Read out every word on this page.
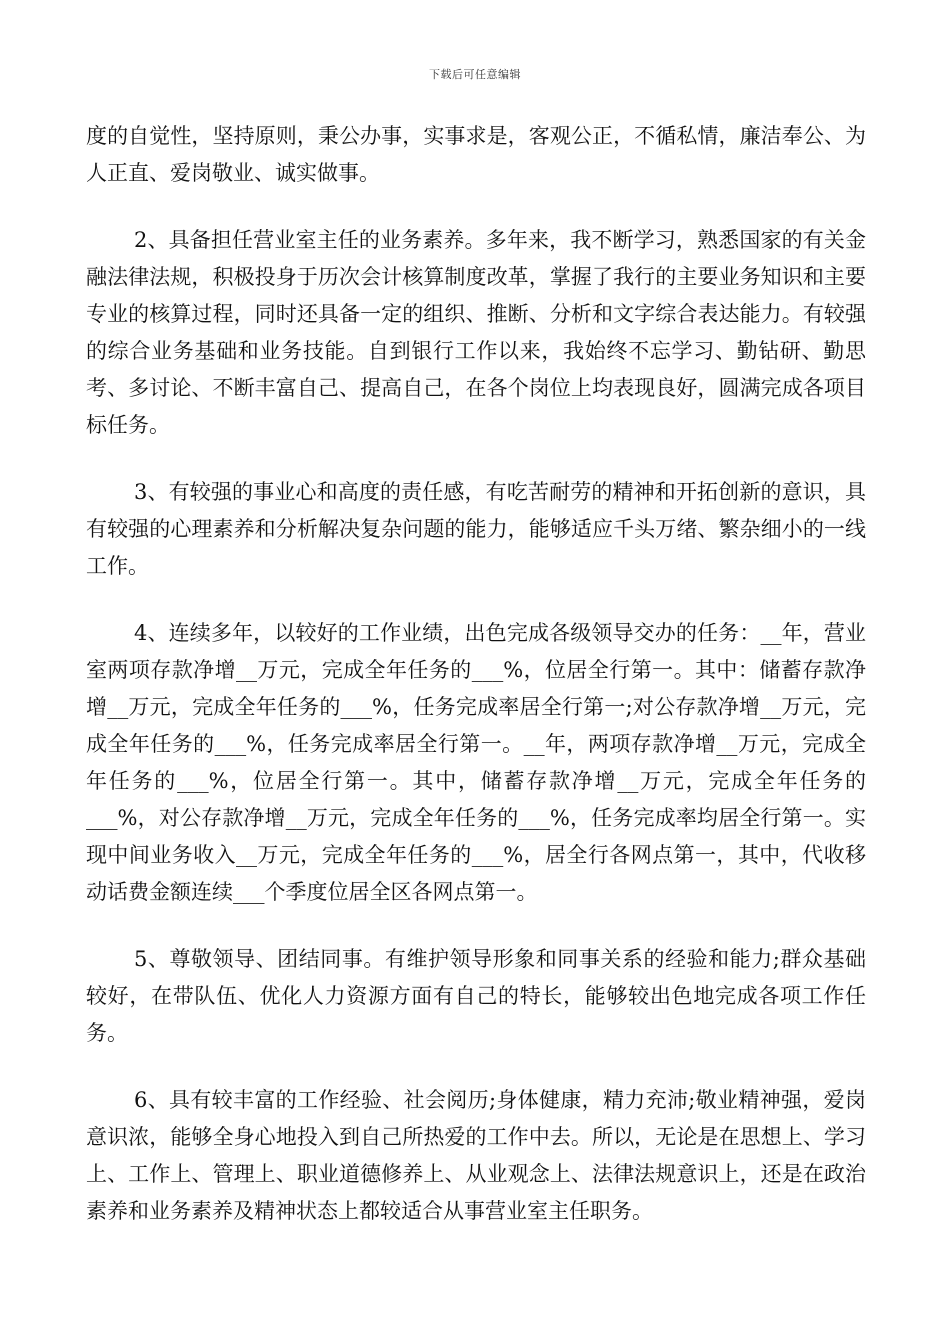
下载后可任意编辑

度的自觉性，坚持原则，秉公办事，实事求是，客观公正，不循私情，廉洁奉公、为人正直、爱岗敬业、诚实做事。

2、具备担任营业室主任的业务素养。多年来，我不断学习，熟悉国家的有关金融法律法规，积极投身于历次会计核算制度改革，掌握了我行的主要业务知识和主要专业的核算过程，同时还具备一定的组织、推断、分析和文字综合表达能力。有较强的综合业务基础和业务技能。自到银行工作以来，我始终不忘学习、勤钻研、勤思考、多讨论、不断丰富自己、提高自己，在各个岗位上均表现良好，圆满完成各项目标任务。

3、有较强的事业心和高度的责任感，有吃苦耐劳的精神和开拓创新的意识，具有较强的心理素养和分析解决复杂问题的能力，能够适应千头万绪、繁杂细小的一线工作。

4、连续多年，以较好的工作业绩，出色完成各级领导交办的任务：__年，营业室两项存款净增__万元，完成全年任务的___%，位居全行第一。其中：储蓄存款净增__万元，完成全年任务的___%，任务完成率居全行第一;对公存款净增__万元，完成全年任务的___%，任务完成率居全行第一。__年，两项存款净增__万元，完成全年任务的___%，位居全行第一。其中，储蓄存款净增__万元，完成全年任务的___%，对公存款净增__万元，完成全年任务的___%，任务完成率均居全行第一。实现中间业务收入__万元，完成全年任务的___%，居全行各网点第一，其中，代收移动话费金额连续___个季度位居全区各网点第一。

5、尊敬领导、团结同事。有维护领导形象和同事关系的经验和能力;群众基础较好，在带队伍、优化人力资源方面有自己的特长，能够较出色地完成各项工作任务。

6、具有较丰富的工作经验、社会阅历;身体健康，精力充沛;敬业精神强，爱岗意识浓，能够全身心地投入到自己所热爱的工作中去。所以，无论是在思想上、学习上、工作上、管理上、职业道德修养上、从业观念上、法律法规意识上，还是在政治素养和业务素养及精神状态上都较适合从事营业室主任职务。
